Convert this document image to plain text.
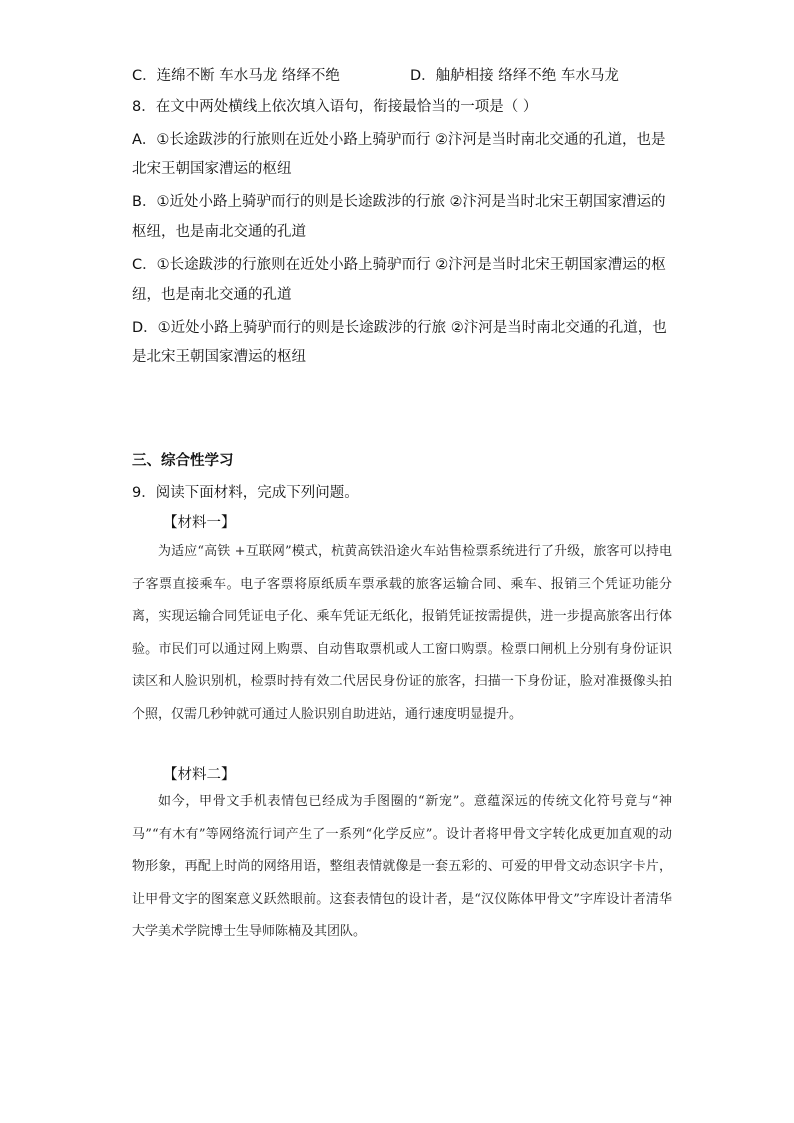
C．连绵不断 车水马龙 络绎不绝	D．舳舻相接 络绎不绝 车水马龙
8．在文中两处横线上依次填入语句，衔接最恰当的一项是（ ）
A．①长途跋涉的行旅则在近处小路上骑驴而行 ②汴河是当时南北交通的孔道，也是
北宋王朝国家漕运的枢纽
B．①近处小路上骑驴而行的则是长途跋涉的行旅 ②汴河是当时北宋王朝国家漕运的
枢纽，也是南北交通的孔道
C．①长途跋涉的行旅则在近处小路上骑驴而行 ②汴河是当时北宋王朝国家漕运的枢
纽，也是南北交通的孔道
D．①近处小路上骑驴而行的则是长途跋涉的行旅 ②汴河是当时南北交通的孔道，也
是北宋王朝国家漕运的枢纽
三、综合性学习
9．阅读下面材料，完成下列问题。
【材料一】

为适应“高铁 +互联网”模式，杭黄高铁沿途火车站售检票系统进行了升级，旅客可以持电子客票直接乘车。电子客票将原纸质车票承载的旅客运输合同、乘车、报销三个凭证功能分离，实现运输合同凭证电子化、乘车凭证无纸化，报销凭证按需提供，进一步提高旅客出行体验。市民们可以通过网上购票、自动售取票机或人工窗口购票。检票口闸机上分别有身份证识读区和人脸识别机，检票时持有效二代居民身份证的旅客，扫描一下身份证，脸对准摄像头拍个照，仅需几秒钟就可通过人脸识别自助进站，通行速度明显提升。

【材料二】

如今，甲骨文手机表情包已经成为手图圈的“新宠”。意蕴深远的传统文化符号竟与“神马”“有木有”等网络流行词产生了一系列“化学反应”。设计者将甲骨文字转化成更加直观的动物形象，再配上时尚的网络用语，整组表情就像是一套五彩的、可爱的甲骨文动态识字卡片，让甲骨文字的图案意义跃然眼前。这套表情包的设计者，是“汉仪陈体甲骨文”字库设计者清华大学美术学院博士生导师陈楠及其团队。
